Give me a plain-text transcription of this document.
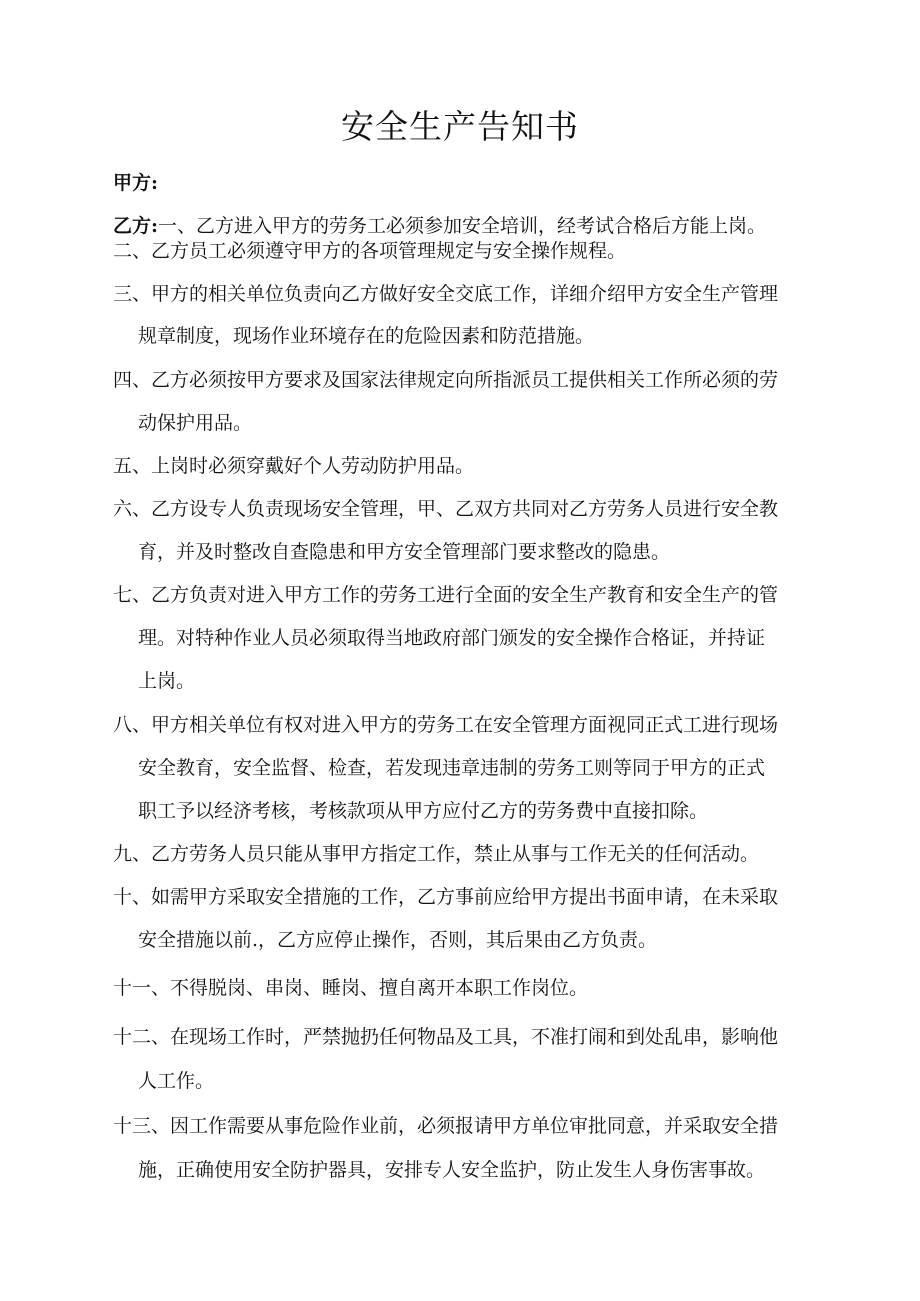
安全生产告知书
甲方:
乙方:一、乙方进入甲方的劳务工必须参加安全培训，经考试合格后方能上岗。
二、乙方员工必须遵守甲方的各项管理规定与安全操作规程。
三、甲方的相关单位负责向乙方做好安全交底工作，详细介绍甲方安全生产管理
规章制度，现场作业环境存在的危险因素和防范措施。
四、乙方必须按甲方要求及国家法律规定向所指派员工提供相关工作所必须的劳
动保护用品。
五、上岗时必须穿戴好个人劳动防护用品。
六、乙方设专人负责现场安全管理，甲、乙双方共同对乙方劳务人员进行安全教
育，并及时整改自查隐患和甲方安全管理部门要求整改的隐患。
七、乙方负责对进入甲方工作的劳务工进行全面的安全生产教育和安全生产的管
理。对特种作业人员必须取得当地政府部门颁发的安全操作合格证，并持证
上岗。
八、甲方相关单位有权对进入甲方的劳务工在安全管理方面视同正式工进行现场
安全教育，安全监督、检查，若发现违章违制的劳务工则等同于甲方的正式
职工予以经济考核，考核款项从甲方应付乙方的劳务费中直接扣除。
九、乙方劳务人员只能从事甲方指定工作，禁止从事与工作无关的任何活动。
十、如需甲方采取安全措施的工作，乙方事前应给甲方提出书面申请，在未采取
安全措施以前.，乙方应停止操作，否则，其后果由乙方负责。
十一、不得脱岗、串岗、睡岗、擅自离开本职工作岗位。
十二、在现场工作时，严禁抛扔任何物品及工具，不准打闹和到处乱串，影响他
人工作。
十三、因工作需要从事危险作业前，必须报请甲方单位审批同意，并采取安全措
施，正确使用安全防护器具，安排专人安全监护，防止发生人身伤害事故。
